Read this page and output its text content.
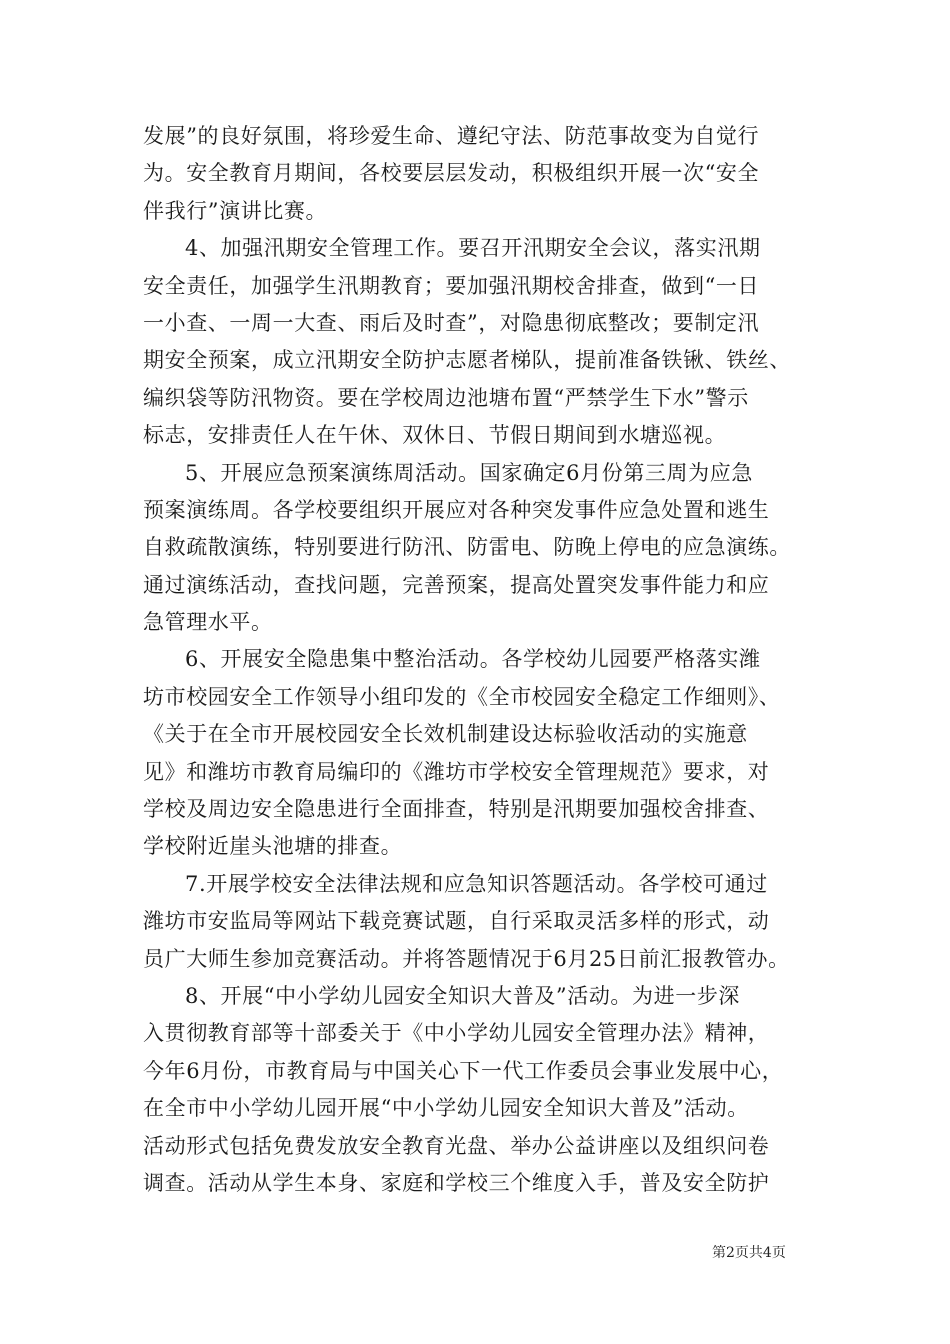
发展”的良好氛围，将珍爱生命、遵纪守法、防范事故变为自觉行
为。安全教育月期间，各校要层层发动，积极组织开展一次“安全
伴我行”演讲比赛。
4、加强汛期安全管理工作。要召开汛期安全会议，落实汛期
安全责任，加强学生汛期教育；要加强汛期校舍排查，做到“一日
一小查、一周一大查、雨后及时查”，对隐患彻底整改；要制定汛
期安全预案，成立汛期安全防护志愿者梯队，提前准备铁锹、铁丝、
编织袋等防汛物资。要在学校周边池塘布置“严禁学生下水”警示
标志，安排责任人在午休、双休日、节假日期间到水塘巡视。
5、开展应急预案演练周活动。国家确定6月份第三周为应急
预案演练周。各学校要组织开展应对各种突发事件应急处置和逃生
自救疏散演练，特别要进行防汛、防雷电、防晚上停电的应急演练。
通过演练活动，查找问题，完善预案，提高处置突发事件能力和应
急管理水平。
6、开展安全隐患集中整治活动。各学校幼儿园要严格落实潍
坊市校园安全工作领导小组印发的《全市校园安全稳定工作细则》、
《关于在全市开展校园安全长效机制建设达标验收活动的实施意
见》和潍坊市教育局编印的《潍坊市学校安全管理规范》要求，对
学校及周边安全隐患进行全面排查，特别是汛期要加强校舍排查、
学校附近崖头池塘的排查。
7.开展学校安全法律法规和应急知识答题活动。各学校可通过
潍坊市安监局等网站下载竞赛试题，自行采取灵活多样的形式，动
员广大师生参加竞赛活动。并将答题情况于6月25日前汇报教管办。
8、开展“中小学幼儿园安全知识大普及”活动。为进一步深
入贯彻教育部等十部委关于《中小学幼儿园安全管理办法》精神，
今年6月份，市教育局与中国关心下一代工作委员会事业发展中心，
在全市中小学幼儿园开展“中小学幼儿园安全知识大普及”活动。
活动形式包括免费发放安全教育光盘、举办公益讲座以及组织问卷
调查。活动从学生本身、家庭和学校三个维度入手，普及安全防护
第2页共4页
